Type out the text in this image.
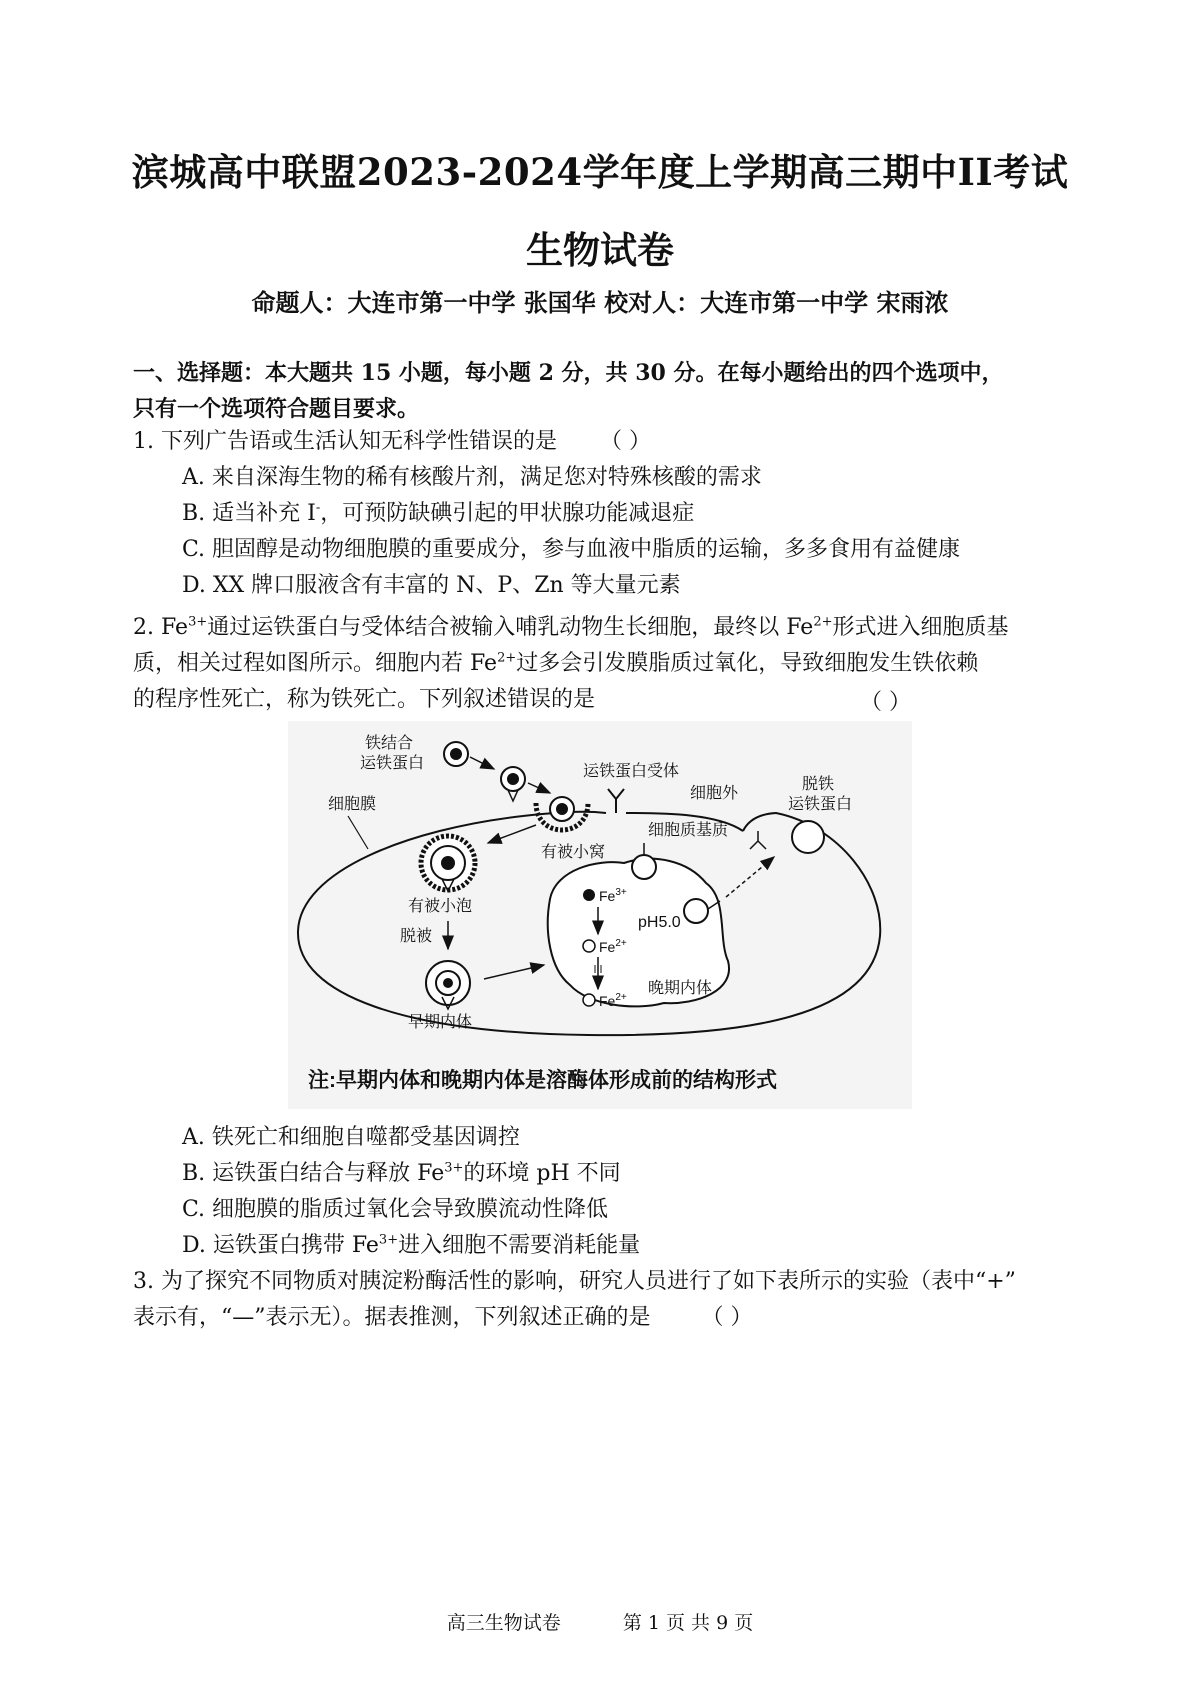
滨城高中联盟2023-2024学年度上学期高三期中II考试
生物试卷
命题人：大连市第一中学 张国华 校对人：大连市第一中学 宋雨浓
一、选择题：本大题共 15 小题，每小题 2 分，共 30 分。在每小题给出的四个选项中，
只有一个选项符合题目要求。
1. 下列广告语或生活认知无科学性错误的是 （ ）
A. 来自深海生物的稀有核酸片剂，满足您对特殊核酸的需求
B. 适当补充 I-，可预防缺碘引起的甲状腺功能减退症
C. 胆固醇是动物细胞膜的重要成分，参与血液中脂质的运输，多多食用有益健康
D. XX 牌口服液含有丰富的 N、P、Zn 等大量元素
2. $Fe^{3+}$通过运铁蛋白与受体结合被输入哺乳动物生长细胞，最终以 $Fe^{2+}$形式进入细胞质基
质，相关过程如图所示。细胞内若 $Fe^{2+}$过多会引发膜脂质过氧化，导致细胞发生铁依赖
的程序性死亡，称为铁死亡。下列叙述错误的是	（ ）
铁结合
运铁蛋白	运铁蛋白受体
细胞外
细胞膜
脱铁
运铁蛋白
细胞质基质
有被小窝
有被小泡
脱被
早期内体
晚期内体
$Fe^{3+}$
pH5.0
$Fe^{2+}$
$Fe^{2+}$
注:早期内体和晚期内体是溶酶体形成前的结构形式
A. 铁死亡和细胞自噬都受基因调控
B. 运铁蛋白结合与释放 $Fe^{3+}$的环境 pH 不同
C. 细胞膜的脂质过氧化会导致膜流动性降低
D. 运铁蛋白携带 $Fe^{3+}$进入细胞不需要消耗能量
3. 为了探究不同物质对胰淀粉酶活性的影响，研究人员进行了如下表所示的实验（表中“+”
表示有，“—”表示无）。据表推测，下列叙述正确的是 （ ）
高三生物试卷	第 1 页 共 9 页
